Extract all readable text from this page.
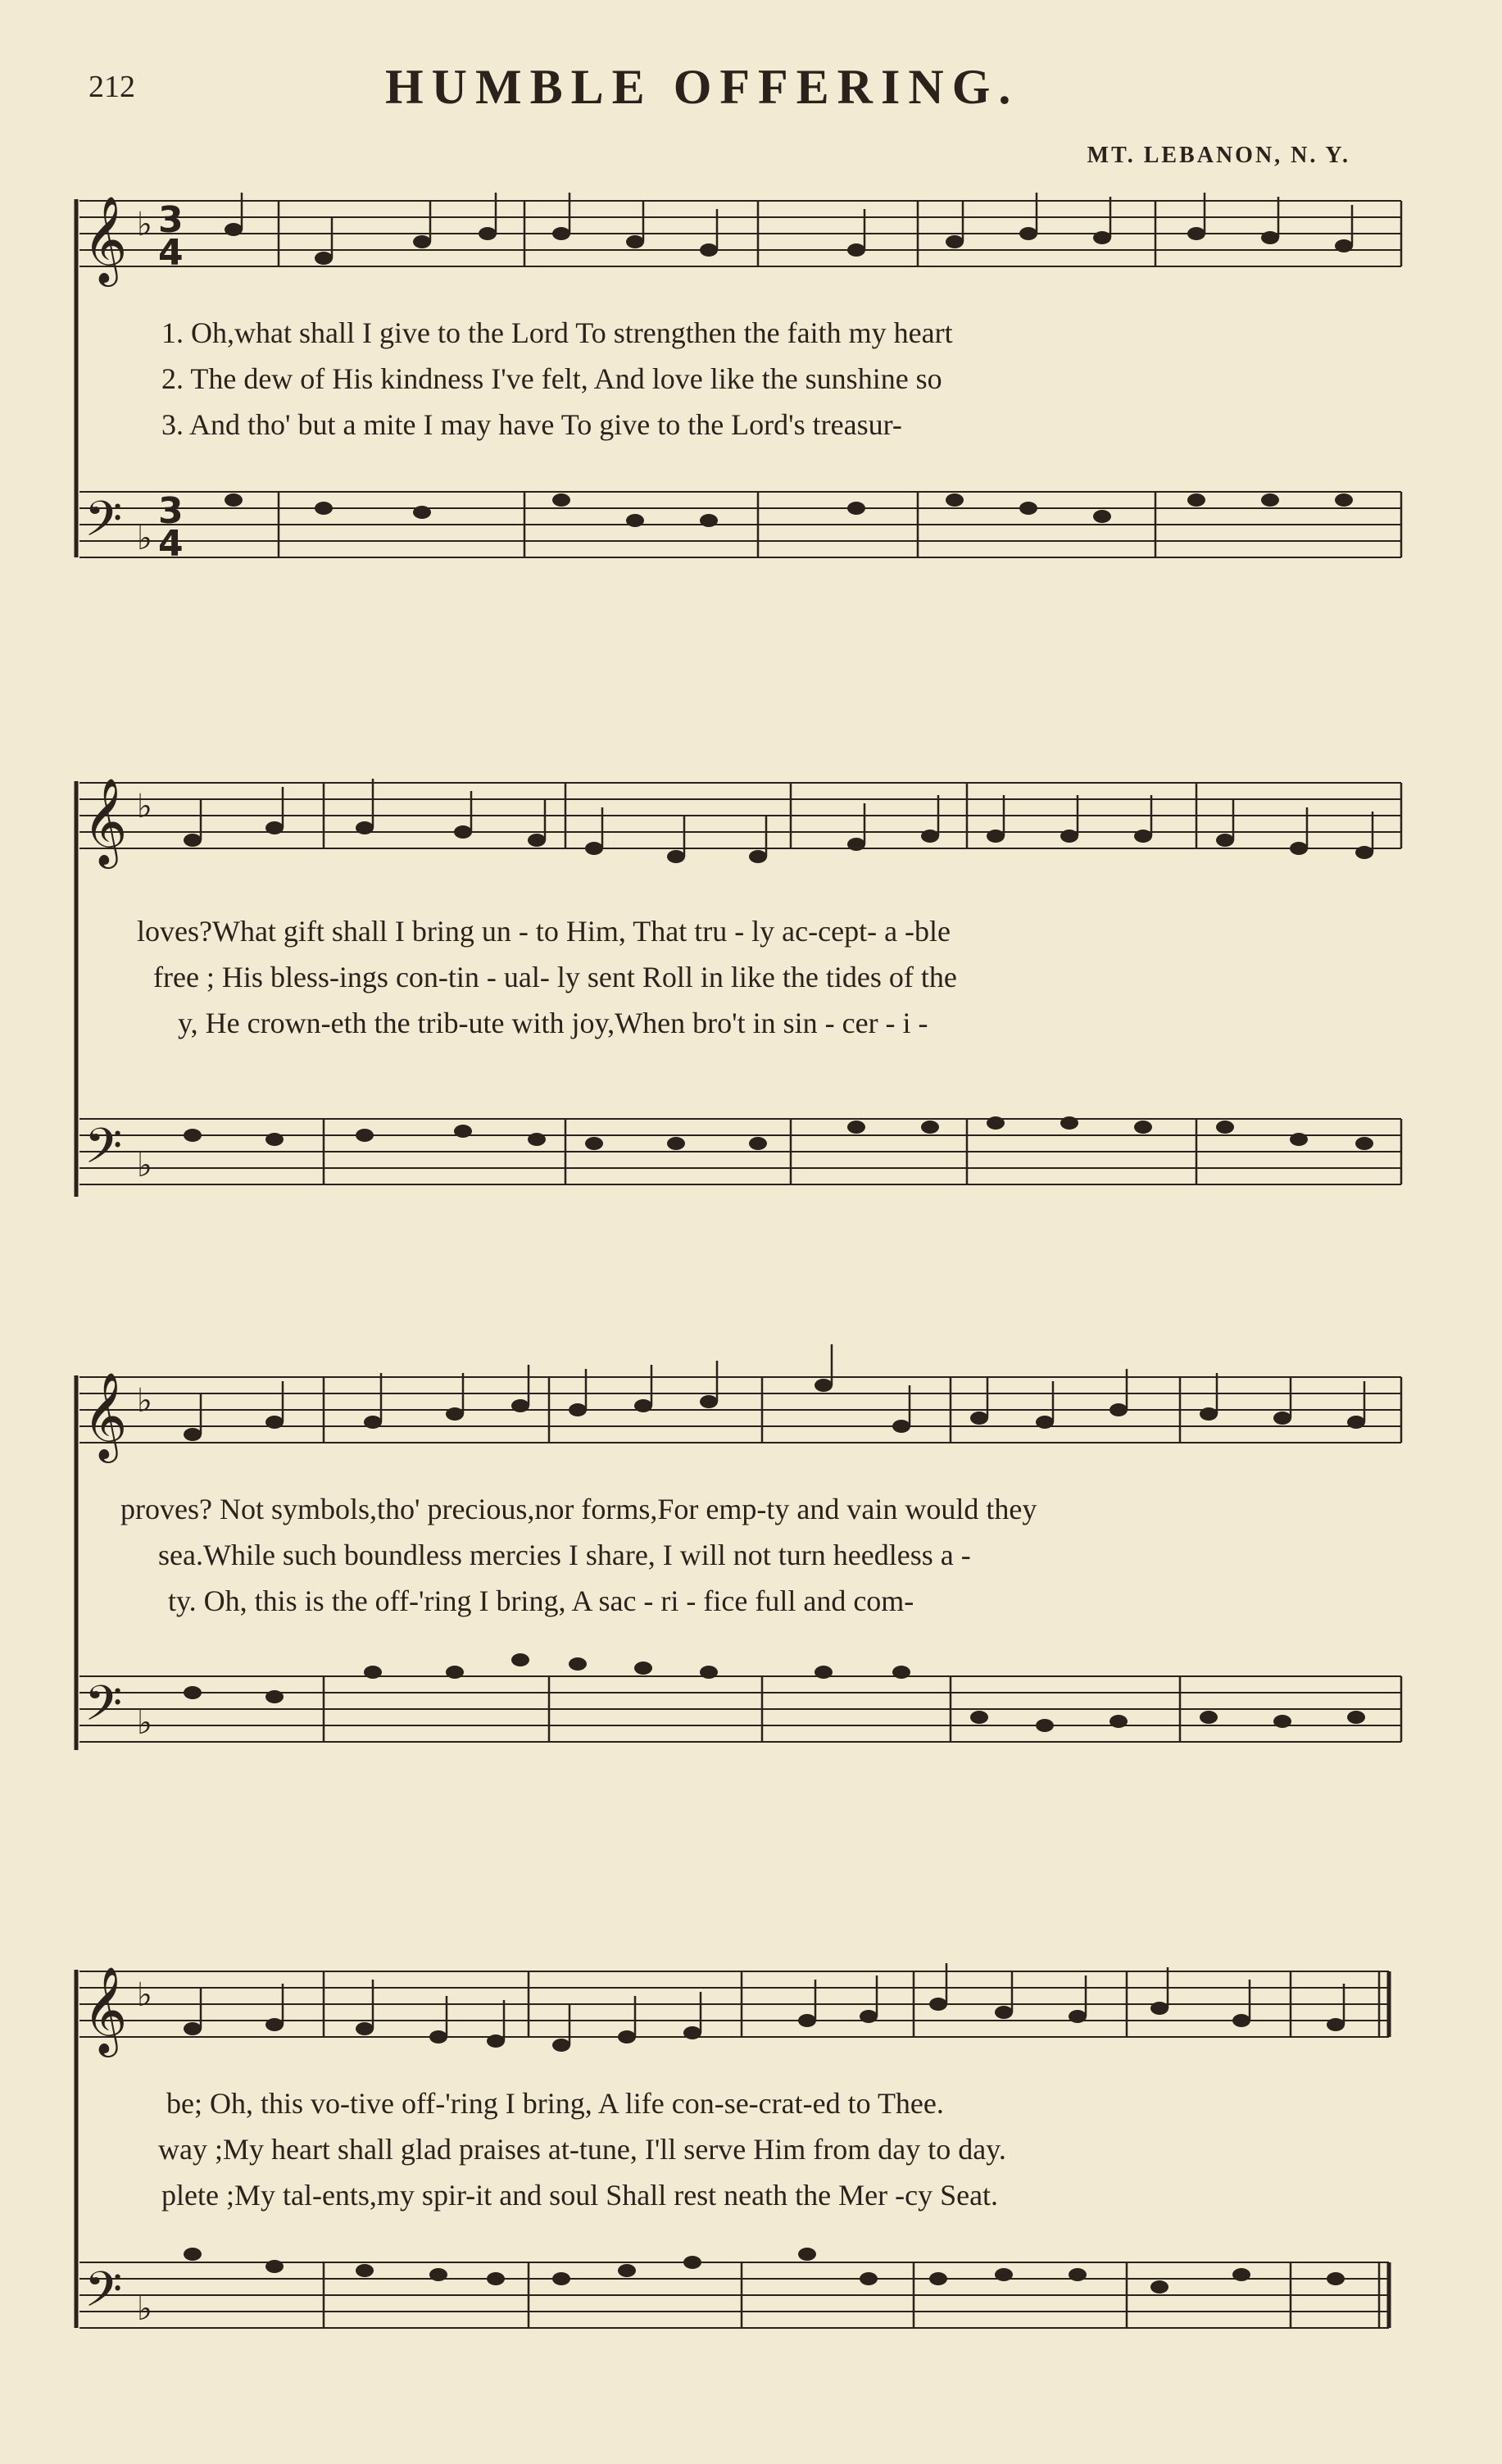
212	HUMBLE OFFERING.
MT. LEBANON, N. Y.
𝄞
𝄢
♭
♭
3
4
3
4
1. Oh,what shall I give to the Lord To strengthen the faith my heart
2. The dew of His kindness I've felt, And love like the sunshine so
3. And tho' but a mite I may have To give to the Lord's treasur-
𝄞
𝄢
♭
♭
loves?What gift shall I bring un - to Him, That tru - ly ac-cept- a -ble
free ; His bless-ings con-tin - ual- ly sent Roll in like the tides of the
y, He crown-eth the trib-ute with joy,When bro't in sin - cer - i -
𝄞
𝄢
♭
♭
proves? Not symbols,tho' precious,nor forms,For emp-ty and vain would they
sea.While such boundless mercies I share, I will not turn heedless a -
ty. Oh, this is the off-'ring I bring, A sac - ri - fice full and com-
𝄞
𝄢
♭
♭
be; Oh, this vo-tive off-'ring I bring, A life con-se-crat-ed to Thee.
way ;My heart shall glad praises at-tune, I'll serve Him from day to day.
plete ;My tal-ents,my spir-it and soul Shall rest neath the Mer -cy Seat.
